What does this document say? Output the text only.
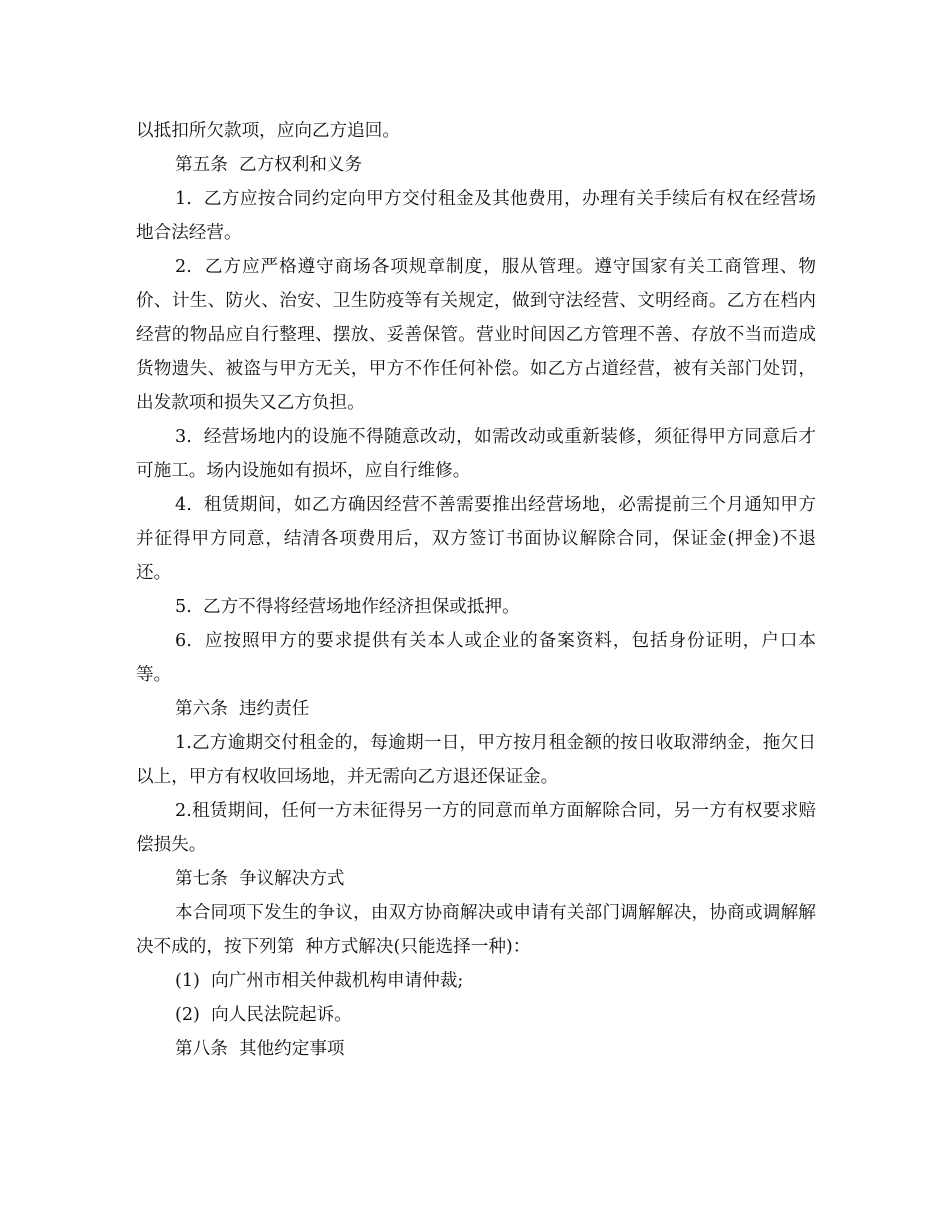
以抵扣所欠款项，应向乙方追回。

第五条  乙方权利和义务

1.  乙方应按合同约定向甲方交付租金及其他费用，办理有关手续后有权在经营场地合法经营。

2.  乙方应严格遵守商场各项规章制度，服从管理。遵守国家有关工商管理、物价、计生、防火、治安、卫生防疫等有关规定，做到守法经营、文明经商。乙方在档内经营的物品应自行整理、摆放、妥善保管。营业时间因乙方管理不善、存放不当而造成货物遗失、被盗与甲方无关，甲方不作任何补偿。如乙方占道经营，被有关部门处罚，出发款项和损失又乙方负担。

3.  经营场地内的设施不得随意改动，如需改动或重新装修，须征得甲方同意后才可施工。场内设施如有损坏，应自行维修。

4.  租赁期间，如乙方确因经营不善需要推出经营场地，必需提前三个月通知甲方并征得甲方同意，结清各项费用后，双方签订书面协议解除合同，保证金(押金)不退还。

5.  乙方不得将经营场地作经济担保或抵押。

6.  应按照甲方的要求提供有关本人或企业的备案资料，包括身份证明，户口本等。

第六条  违约责任

1.乙方逾期交付租金的，每逾期一日，甲方按月租金额的按日收取滞纳金，拖欠日以上，甲方有权收回场地，并无需向乙方退还保证金。

2.租赁期间，任何一方未征得另一方的同意而单方面解除合同，另一方有权要求赔偿损失。

第七条  争议解决方式

本合同项下发生的争议，由双方协商解决或申请有关部门调解解决，协商或调解解决不成的，按下列第  种方式解决(只能选择一种)：

(1)  向广州市相关仲裁机构申请仲裁;

(2)  向人民法院起诉。

第八条  其他约定事项
